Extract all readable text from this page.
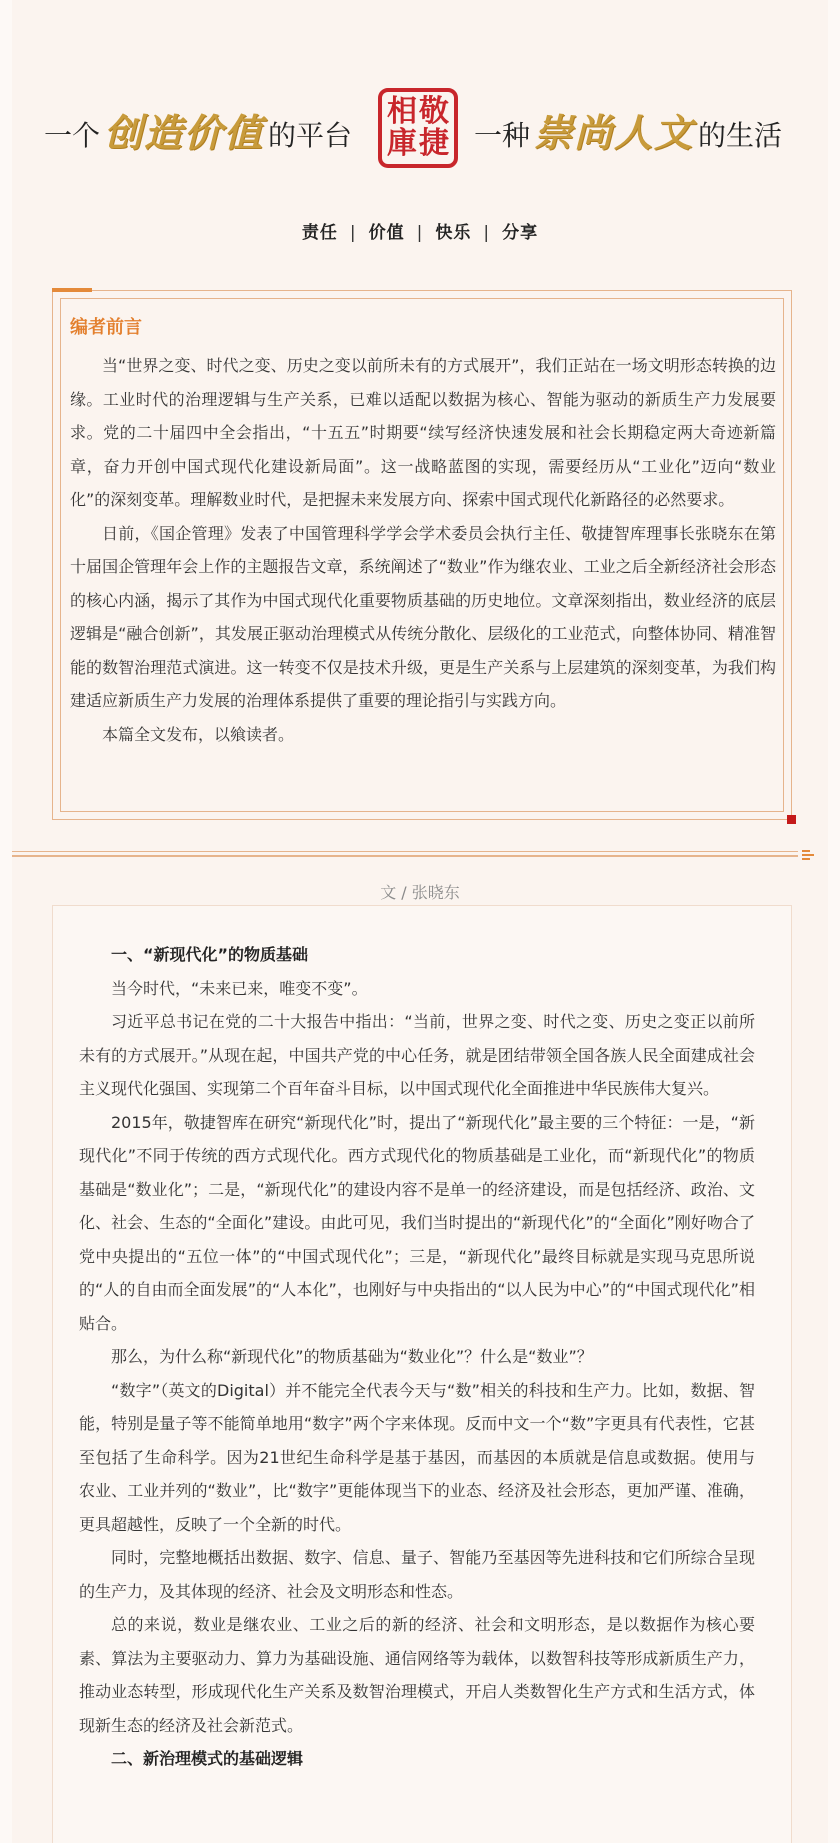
一个 创造价值 的平台
相 敬
庫 捷 一种 崇尚人文 的生活
责任 | 价值 | 快乐 | 分享
编者前言

当“世界之变、时代之变、历史之变以前所未有的方式展开”，我们正站在一场文明形态转换的边缘。工业时代的治理逻辑与生产关系，已难以适配以数据为核心、智能为驱动的新质生产力发展要求。党的二十届四中全会指出，“十五五”时期要“续写经济快速发展和社会长期稳定两大奇迹新篇章，奋力开创中国式现代化建设新局面”。这一战略蓝图的实现，需要经历从“工业化”迈向“数业化”的深刻变革。理解数业时代，是把握未来发展方向、探索中国式现代化新路径的必然要求。

日前，《国企管理》发表了中国管理科学学会学术委员会执行主任、敬捷智库理事长张晓东在第十届国企管理年会上作的主题报告文章，系统阐述了“数业”作为继农业、工业之后全新经济社会形态的核心内涵，揭示了其作为中国式现代化重要物质基础的历史地位。文章深刻指出，数业经济的底层逻辑是“融合创新”，其发展正驱动治理模式从传统分散化、层级化的工业范式，向整体协同、精准智能的数智治理范式演进。这一转变不仅是技术升级，更是生产关系与上层建筑的深刻变革，为我们构建适应新质生产力发展的治理体系提供了重要的理论指引与实践方向。

本篇全文发布，以飨读者。

文 / 张晓东
一、“新现代化”的物质基础

当今时代，“未来已来，唯变不变”。

习近平总书记在党的二十大报告中指出：“当前，世界之变、时代之变、历史之变正以前所未有的方式展开。”从现在起，中国共产党的中心任务，就是团结带领全国各族人民全面建成社会主义现代化强国、实现第二个百年奋斗目标，以中国式现代化全面推进中华民族伟大复兴。

2015年，敬捷智库在研究“新现代化”时，提出了“新现代化”最主要的三个特征：一是，“新现代化”不同于传统的西方式现代化。西方式现代化的物质基础是工业化，而“新现代化”的物质基础是“数业化”；二是，“新现代化”的建设内容不是单一的经济建设，而是包括经济、政治、文化、社会、生态的“全面化”建设。由此可见，我们当时提出的“新现代化”的“全面化”刚好吻合了党中央提出的“五位一体”的“中国式现代化”；三是，“新现代化”最终目标就是实现马克思所说的“人的自由而全面发展”的“人本化”，也刚好与中央指出的“以人民为中心”的“中国式现代化”相贴合。

那么，为什么称“新现代化”的物质基础为“数业化”？什么是“数业”？

“数字”（英文的Digital）并不能完全代表今天与“数”相关的科技和生产力。比如，数据、智能，特别是量子等不能简单地用“数字”两个字来体现。反而中文一个“数”字更具有代表性，它甚至包括了生命科学。因为21世纪生命科学是基于基因，而基因的本质就是信息或数据。使用与农业、工业并列的“数业”，比“数字”更能体现当下的业态、经济及社会形态，更加严谨、准确，更具超越性，反映了一个全新的时代。

同时，完整地概括出数据、数字、信息、量子、智能乃至基因等先进科技和它们所综合呈现的生产力，及其体现的经济、社会及文明形态和性态。

总的来说，数业是继农业、工业之后的新的经济、社会和文明形态，是以数据作为核心要素、算法为主要驱动力、算力为基础设施、通信网络等为载体，以数智科技等形成新质生产力，推动业态转型，形成现代化生产关系及数智治理模式，开启人类数智化生产方式和生活方式，体现新生态的经济及社会新范式。

二、新治理模式的基础逻辑
